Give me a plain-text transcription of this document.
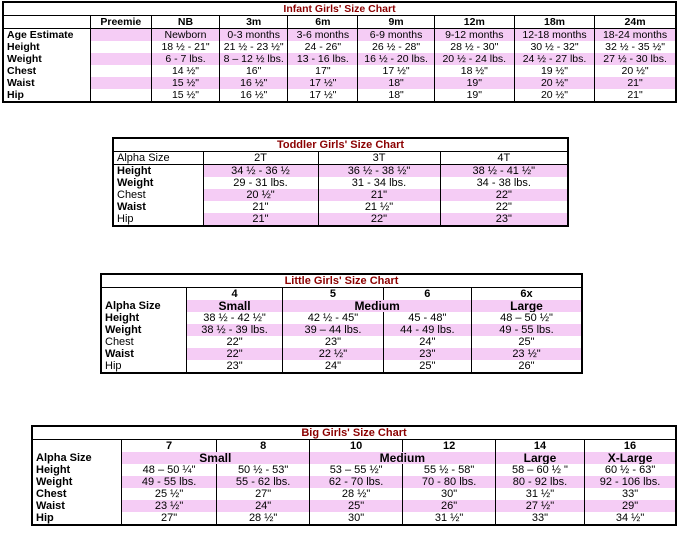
Infant Girls' Size Chart								
	Preemie	NB	3m	6m	9m	12m	18m	24m
Age Estimate		Newborn	0-3 months	3-6 months	6-9 months	9-12 months	12-18 months	18-24 months
Height		18 ½ - 21"	21 ½ - 23 ½"	24 - 26"	26 ½ - 28"	28 ½ - 30"	30 ½ - 32"	32 ½ - 35 ½"
Weight		6 - 7 lbs.	8 – 12 ½ lbs.	13 - 16 lbs.	16 ½ - 20 lbs.	20 ½ - 24 lbs.	24 ½ - 27 lbs.	27 ½ - 30 lbs.
Chest		14 ½"	16"	17"	17 ½"	18 ½"	19 ½"	20 ½"
Waist		15 ½"	16 ½"	17 ½"	18"	19"	20 ½"	21"
Hip		15 ½"	16 ½"	17 ½"	18"	19"	20 ½"	21"
Toddler Girls' Size Chart			
Alpha Size	2T	3T	4T
Height	34 ½ - 36 ½	36 ½ - 38 ½"	38 ½ - 41 ½"
Weight	29 - 31 lbs.	31 - 34 lbs.	34 - 38 lbs.
Chest	20 ½"	21"	22"
Waist	21"	21 ½"	22"
Hip	21"	22"	23"
Little Girls' Size Chart				
	4	5	6	6x
Alpha Size	Small	Medium		Large
Height	38 ½ - 42 ½"	42 ½ - 45"	45 - 48"	48 – 50 ½"
Weight	38 ½ - 39 lbs.	39 – 44 lbs.	44 - 49 lbs.	49 - 55 lbs.
Chest	22"	23"	24"	25"
Waist	22"	22 ½"	23"	23 ½"
Hip	23"	24"	25"	26"
Big Girls' Size Chart						
	7	8	10	12	14	16
Alpha Size	Small		Medium		Large	X-Large
Height	48 – 50 ¼"	50 ½ - 53"	53 – 55 ½"	55 ½ - 58"	58 – 60 ½ "	60 ½ - 63"
Weight	49 - 55 lbs.	55 - 62 lbs.	62 - 70 lbs.	70 - 80 lbs.	80 - 92 lbs.	92 - 106 lbs.
Chest	25 ½"	27"	28 ½"	30"	31 ½"	33"
Waist	23 ½"	24"	25"	26"	27 ½"	29"
Hip	27"	28 ½"	30"	31 ½"	33"	34 ½"
